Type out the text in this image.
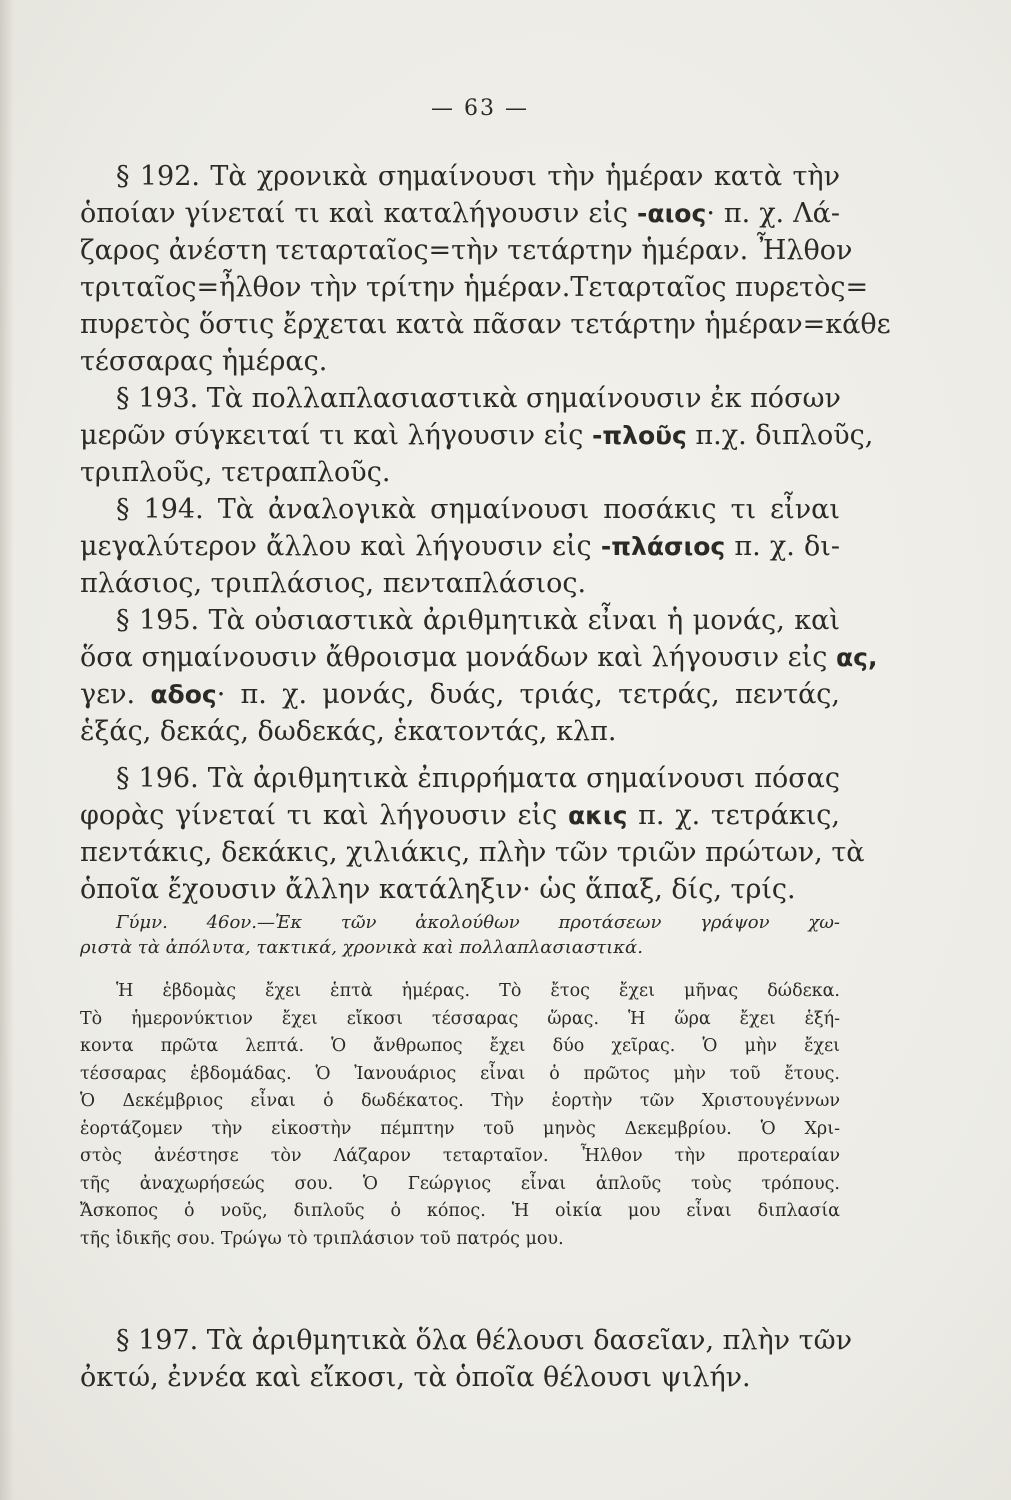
— 63 —
§ 192. Τὰ χρονικὰ σημαίνουσι τὴν ἡμέραν κατὰ τὴν
ὁποίαν γίνεταί τι καὶ καταλήγουσιν εἰς -αιος· π. χ. Λά-
ζαρος ἀνέστη τεταρταῖος=τὴν τετάρτην ἡμέραν. Ἦλθον
τριταῖος=ἦλθον τὴν τρίτην ἡμέραν.Τεταρταῖος πυρετὸς=
πυρετὸς ὅστις ἔρχεται κατὰ πᾶσαν τετάρτην ἡμέραν=κάθε
τέσσαρας ἡμέρας.
§ 193. Τὰ πολλαπλασιαστικὰ σημαίνουσιν ἐκ πόσων
μερῶν σύγκειταί τι καὶ λήγουσιν εἰς -πλοῦς π.χ. διπλοῦς,
τριπλοῦς, τετραπλοῦς.
§ 194. Τὰ ἀναλογικὰ σημαίνουσι ποσάκις τι εἶναι
μεγαλύτερον ἄλλου καὶ λήγουσιν εἰς -πλάσιος π. χ. δι-
πλάσιος, τριπλάσιος, πενταπλάσιος.
§ 195. Τὰ οὐσιαστικὰ ἀριθμητικὰ εἶναι ἡ μονάς, καὶ
ὅσα σημαίνουσιν ἄθροισμα μονάδων καὶ λήγουσιν εἰς ας,
γεν. αδος· π. χ. μονάς, δυάς, τριάς, τετράς, πεντάς,
ἑξάς, δεκάς, δωδεκάς, ἑκατοντάς, κλπ.
§ 196. Τὰ ἀριθμητικὰ ἐπιρρήματα σημαίνουσι πόσας
φορὰς γίνεταί τι καὶ λήγουσιν εἰς ακις π. χ. τετράκις,
πεντάκις, δεκάκις, χιλιάκις, πλὴν τῶν τριῶν πρώτων, τὰ
ὁποῖα ἔχουσιν ἄλλην κατάληξιν· ὡς ἅπαξ, δίς, τρίς.
Γύμν. 46ον.—Ἐκ τῶν ἀκολούθων προτάσεων γράψον χω-
ριστὰ τὰ ἀπόλυτα, τακτικά, χρονικὰ καὶ πολλαπλασιαστικά.
Ἡ ἑβδομὰς ἔχει ἑπτὰ ἡμέρας. Τὸ ἔτος ἔχει μῆνας δώδεκα.
Τὸ ἡμερονύκτιον ἔχει εἴκοσι τέσσαρας ὥρας. Ἡ ὥρα ἔχει ἑξή-
κοντα πρῶτα λεπτά. Ὁ ἄνθρωπος ἔχει δύο χεῖρας. Ὁ μὴν ἔχει
τέσσαρας ἑβδομάδας. Ὁ Ἰανουάριος εἶναι ὁ πρῶτος μὴν τοῦ ἔτους.
Ὁ Δεκέμβριος εἶναι ὁ δωδέκατος. Τὴν ἑορτὴν τῶν Χριστουγέννων
ἑορτάζομεν τὴν εἰκοστὴν πέμπτην τοῦ μηνὸς Δεκεμβρίου. Ὁ Χρι-
στὸς ἀνέστησε τὸν Λάζαρον τεταρταῖον. Ἦλθον τὴν προτεραίαν
τῆς ἀναχωρήσεώς σου. Ὁ Γεώργιος εἶναι ἁπλοῦς τοὺς τρόπους.
Ἄσκοπος ὁ νοῦς, διπλοῦς ὁ κόπος. Ἡ οἰκία μου εἶναι διπλασία
τῆς ἰδικῆς σου. Τρώγω τὸ τριπλάσιον τοῦ πατρός μου.
§ 197. Τὰ ἀριθμητικὰ ὅλα θέλουσι δασεῖαν, πλὴν τῶν
ὀκτώ, ἐννέα καὶ εἴκοσι, τὰ ὁποῖα θέλουσι ψιλήν.
